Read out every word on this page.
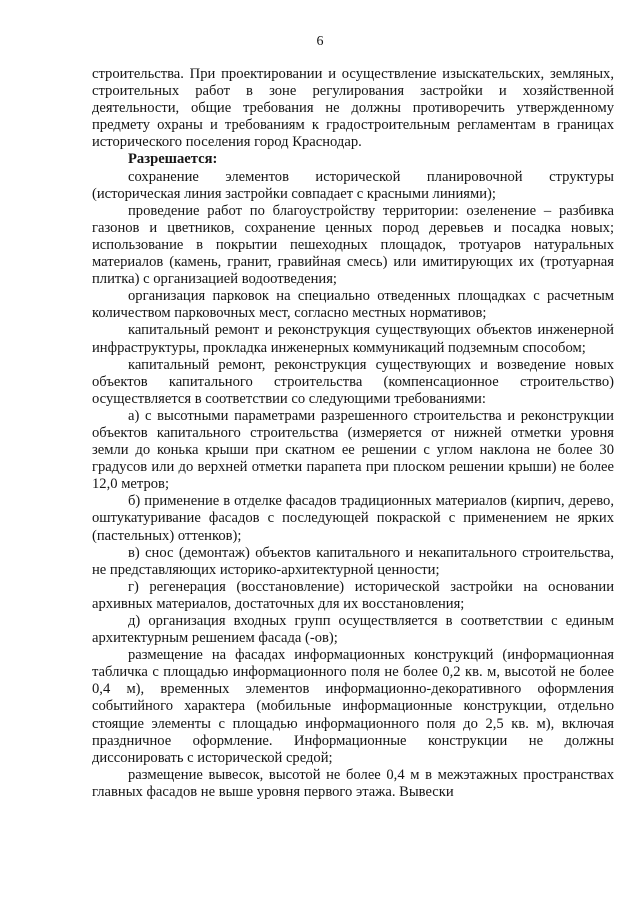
6

строительства. При проектировании и осуществление изыскательских, земляных, строительных работ в зоне регулирования застройки и хозяйственной деятельности, общие требования не должны противоречить утвержденному предмету охраны и требованиям к градостроительным регламентам в границах исторического поселения город Краснодар.

Разрешается:

сохранение элементов исторической планировочной структуры (историческая линия застройки совпадает с красными линиями);

проведение работ по благоустройству территории: озеленение – разбивка газонов и цветников, сохранение ценных пород деревьев и посадка новых; использование в покрытии пешеходных площадок, тротуаров натуральных материалов (камень, гранит, гравийная смесь) или имитирующих их (тротуарная плитка) с организацией водоотведения;

организация парковок на специально отведенных площадках с расчетным количеством парковочных мест, согласно местных нормативов;

капитальный ремонт и реконструкция существующих объектов инженерной инфраструктуры, прокладка инженерных коммуникаций подземным способом;

капитальный ремонт, реконструкция существующих и возведение новых объектов капитального строительства (компенсационное строительство) осуществляется в соответствии со следующими требованиями:

а) с высотными параметрами разрешенного строительства и реконструкции объектов капитального строительства (измеряется от нижней отметки уровня земли до конька крыши при скатном ее решении с углом наклона не более 30 градусов или до верхней отметки парапета при плоском решении крыши) не более 12,0 метров;

б) применение в отделке фасадов традиционных материалов (кирпич, дерево, оштукатуривание фасадов с последующей покраской с применением не ярких (пастельных) оттенков);

в) снос (демонтаж) объектов капитального и некапитального строительства, не представляющих историко-архитектурной ценности;

г) регенерация (восстановление) исторической застройки на основании архивных материалов, достаточных для их восстановления;

д) организация входных групп осуществляется в соответствии с единым архитектурным решением фасада (-ов);

размещение на фасадах информационных конструкций (информационная табличка с площадью информационного поля не более 0,2 кв. м, высотой не более 0,4 м), временных элементов информационно-декоративного оформления событийного характера (мобильные информационные конструкции, отдельно стоящие элементы с площадью информационного поля до 2,5 кв. м), включая праздничное оформление. Информационные конструкции не должны диссонировать с исторической средой;

размещение вывесок, высотой не более 0,4 м в межэтажных пространствах главных фасадов не выше уровня первого этажа. Вывески
